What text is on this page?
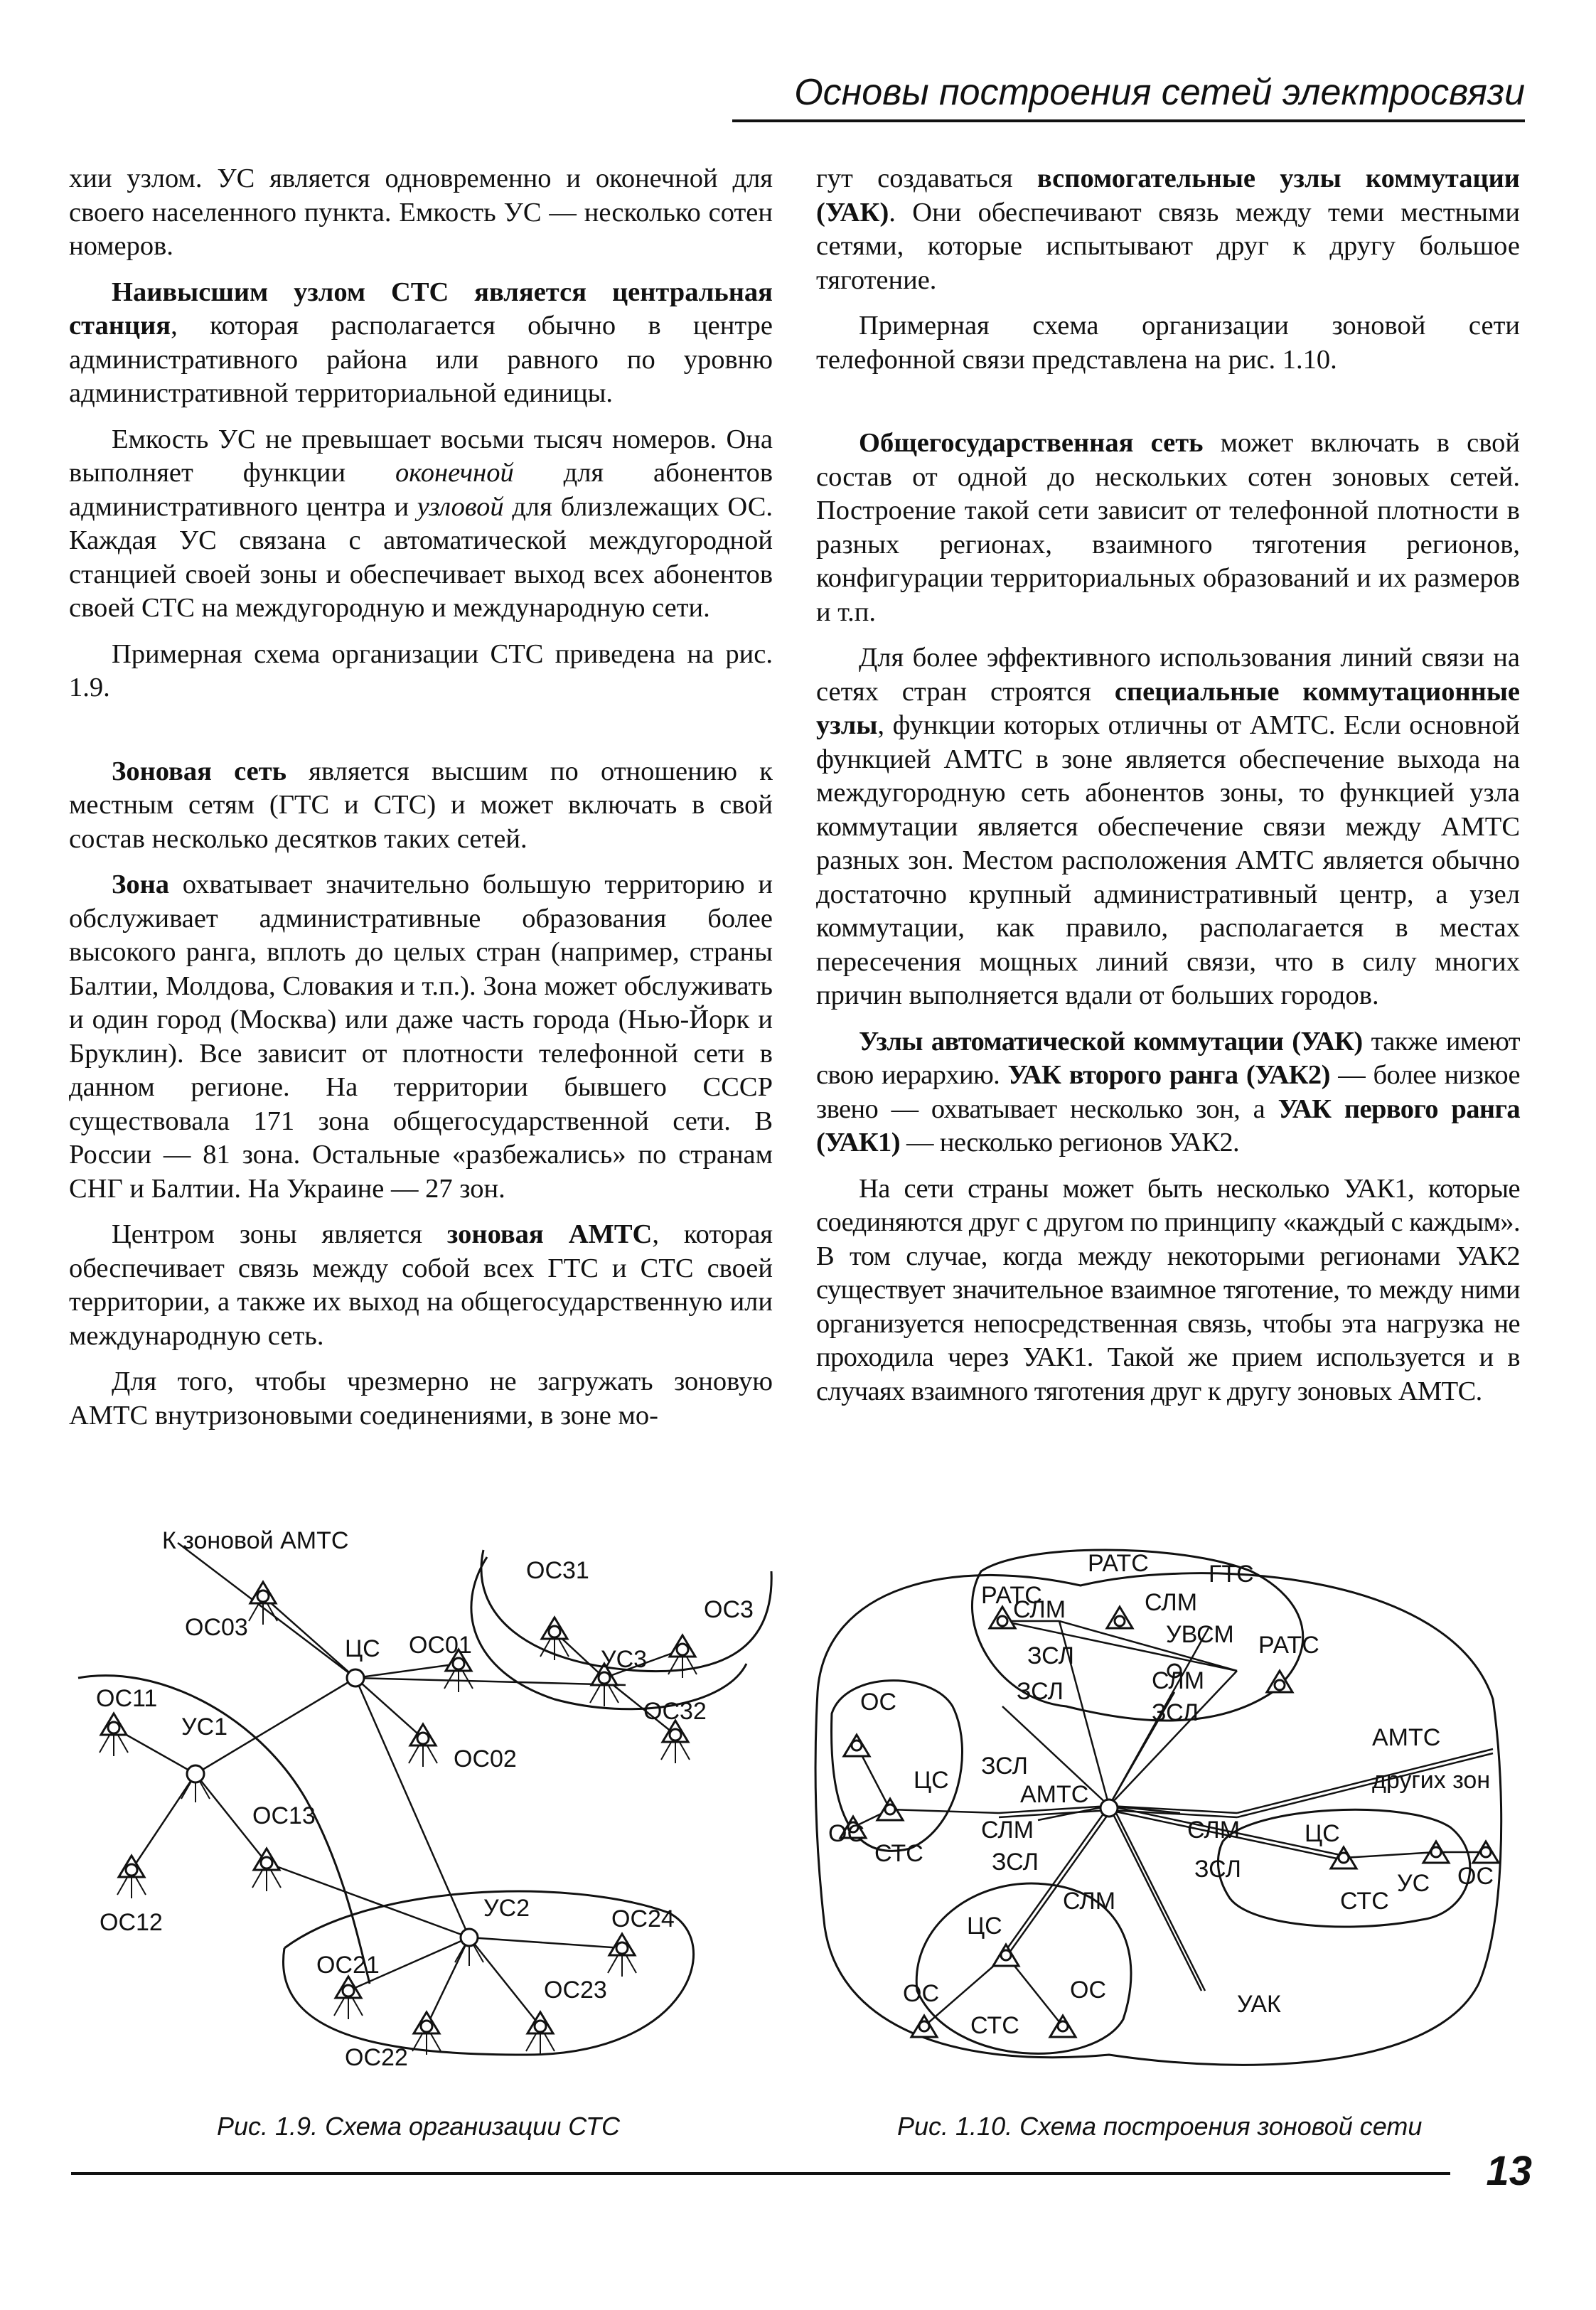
Основы построения сетей электросвязи

хии узлом. УС является одновременно и оконечной для своего населенного пункта. Емкость УС — несколько сотен номеров.

Наивысшим узлом СТС является центральная станция, которая располагается обычно в центре административного района или равного по уровню административной территориальной единицы.

Емкость УС не превышает восьми тысяч номеров. Она выполняет функции оконечной для абонентов административного центра и узловой для близлежащих ОС. Каждая УС связана с автоматической междугородной станцией своей зоны и обеспечивает выход всех абонентов своей СТС на междугородную и международную сети.

Примерная схема организации СТС приведена на рис. 1.9.

Зоновая сеть является высшим по отношению к местным сетям (ГТС и СТС) и может включать в свой состав несколько десятков таких сетей.

Зона охватывает значительно большую территорию и обслуживает административные образования более высокого ранга, вплоть до целых стран (например, страны Балтии, Молдова, Словакия и т.п.). Зона может обслуживать и один город (Москва) или даже часть города (Нью-Йорк и Бруклин). Все зависит от плотности телефонной сети в данном регионе. На территории бывшего СССР существовала 171 зона общегосударственной сети. В России — 81 зона. Остальные «разбежались» по странам СНГ и Балтии. На Украине — 27 зон.

Центром зоны является зоновая АМТС, которая обеспечивает связь между собой всех ГТС и СТС своей территории, а также их выход на общегосударственную или международную сеть.

Для того, чтобы чрезмерно не загружать зоновую АМТС внутризоновыми соединениями, в зоне мо-

гут создаваться вспомогательные узлы коммутации (УАК). Они обеспечивают связь между теми местными сетями, которые испытывают друг к другу большое тяготение.

Примерная схема организации зоновой сети телефонной связи представлена на рис. 1.10.

Общегосударственная сеть может включать в свой состав от одной до нескольких сотен зоновых сетей. Построение такой сети зависит от телефонной плотности в разных регионах, взаимного тяготения регионов, конфигурации территориальных образований и их размеров и т.п.

Для более эффективного использования линий связи на сетях стран строятся специальные коммутационные узлы, функции которых отличны от АМТС. Если основной функцией АМТС в зоне является обеспечение выхода на междугородную сеть абонентов зоны, то функцией узла коммутации является обеспечение связи между АМТС разных зон. Местом расположения АМТС является обычно достаточно крупный административный центр, а узел коммутации, как правило, располагается в местах пересечения мощных линий связи, что в силу многих причин выполняется вдали от больших городов.

Узлы автоматической коммутации (УАК) также имеют свою иерархию. УАК второго ранга (УАК2) — более низкое звено — охватывает несколько зон, а УАК первого ранга (УАК1) — несколько регионов УАК2.

На сети страны может быть несколько УАК1, которые соединяются друг с другом по принципу «каждый с каждым». В том случае, когда между некоторыми регионами УАК2 существует значительное взаимное тяготение, то между ними организуется непосредственная связь, чтобы эта нагрузка не проходила через УАК1. Такой же прием используется и в случаях взаимного тяготения друг к другу зоновых АМТС.

К зоновой АМТС
ОС03
ЦС ОС01
ОС31
ОС3
УС3
ОС32
ОС11
УС1
ОС02
ОС13
ОС12
УС2	ОС24
ОС21
ОС23
ОС22
Рис. 1.9. Схема организации СТС
РАТС
РАТС ГТС
СЛМ	СЛМ
УВСМ РАТС
ЗСЛ
ЗСЛ	СЛМ
ЗСЛ
АМТС
других зон
ОС
ЦС
ОС
СТС
ЗСЛ
АМТС
СЛМ
ЗСЛ
СЛМ
СЛМ
ЗСЛ
ЦС
УС ОС
СТС
ЦС
ОС	ОС
СТС
УАК
Рис. 1.10. Схема построения зоновой сети
13
